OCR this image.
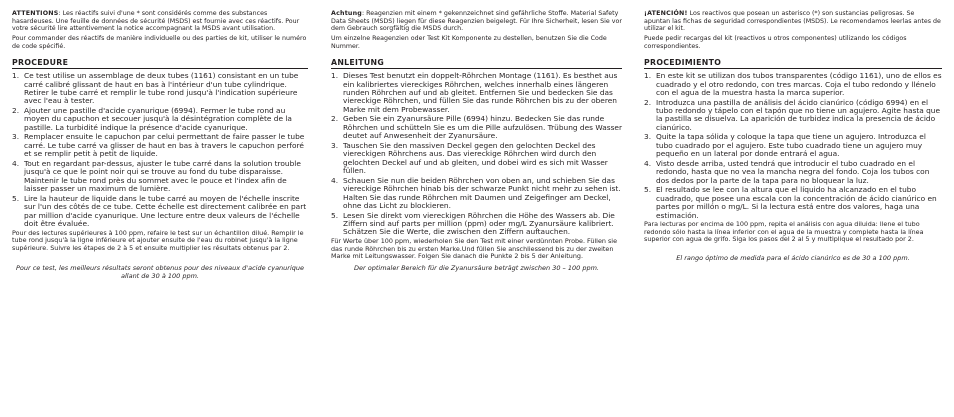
ATTENTIONS: Les réactifs suivi d'une * sont considérés comme des substances hasardeuses. Une feuille de données de sécurité (MSDS) est fournie avec ces réactifs. Pour votre sécurité lire attentivement la notice accompagnant la MSDS avant utilisation.

Pour commander des réactifs de manière individuelle ou des parties de kit, utiliser le numéro de code spécifié.

PROCEDURE
1. Ce test utilise un assemblage de deux tubes (1161) consistant en un tube carré calibré glissant de haut en bas à l'intérieur d'un tube cylindrique. Retirer le tube carré et remplir le tube rond jusqu'à l'indication supérieure avec l'eau à tester.
2. Ajouter une pastille d'acide cyanurique (6994). Fermer le tube rond au moyen du capuchon et secouer jusqu'à la désintégration complète de la pastille. La turbidité indique la présence d'acide cyanurique.
3. Remplacer ensuite le capuchon par celui permettant de faire passer le tube carré. Le tube carré va glisser de haut en bas à travers le capuchon perforé et se remplir petit à petit de liquide.
4. Tout en regardant par-dessus, ajuster le tube carré dans la solution trouble jusqu'à ce que le point noir qui se trouve au fond du tube disparaisse. Maintenir le tube rond près du sommet avec le pouce et l'index afin de laisser passer un maximum de lumière.
5. Lire la hauteur de liquide dans le tube carré au moyen de l'échelle inscrite sur l'un des côtés de ce tube. Cette échelle est directement calibrée en part par million d'acide cyanurique. Une lecture entre deux valeurs de l'échelle doit être évaluée.

Pour des lectures supérieures à 100 ppm, refaire le test sur un échantillon dilué. Remplir le tube rond jusqu'à la ligne inférieure et ajouter ensuite de l'eau du robinet jusqu'à la ligne supérieure. Suivre les étapes de 2 à 5 et ensuite multiplier les résultats obtenus par 2.

Pour ce test, les meilleurs résultats seront obtenus pour des niveaux d'acide cyanurique allant de 30 à 100 ppm.

Achtung: Reagenzien mit einem * gekennzeichnet sind gefährliche Stoffe. Material Safety Data Sheets (MSDS) liegen für diese Reagenzien beigelegt. Für Ihre Sicherheit, lesen Sie vor dem Gebrauch sorgfältig die MSDS durch.

Um einzelne Reagenzien oder Test Kit Komponente zu destellen, benutzen Sie die Code Nummer.

ANLEITUNG
1. Dieses Test benutzt ein doppelt-Röhrchen Montage (1161). Es besthet aus ein kalibriertes viereckiges Röhrchen, welches innerhalb eines längeren runden Röhrchen auf und ab gleitet. Entfernen Sie und bedecken Sie das viereckige Röhrchen, und füllen Sie das runde Röhrchen bis zu der oberen Marke mit dem Probewasser.
2. Geben Sie ein Zyanursäure Pille (6994) hinzu. Bedecken Sie das runde Röhrchen und schütteln Sie es um die Pille aufzulösen. Trübung des Wasser deutet auf Anwesenheit der Zyanursäure.
3. Tauschen Sie den massiven Deckel gegen den gelochten Deckel des viereckigen Röhrchens aus. Das viereckige Röhrchen wird durch den gelochten Deckel auf und ab gleiten, und dobei wird es sich mit Wasser füllen.
4. Schauen Sie nun die beiden Röhrchen von oben an, und schieben Sie das viereckige Röhrchen hinab bis der schwarze Punkt nicht mehr zu sehen ist. Halten Sie das runde Röhrchen mit Daumen und Zeigefinger am Deckel, ohne das Licht zu blockieren.
5. Lesen Sie direkt vom viereckigen Röhrchen die Höhe des Wassers ab. Die Ziffern sind auf parts per million (ppm) oder mg/L Zyanursäure kalibriert. Schätzen Sie die Werte, die zwischen den Ziffern auftauchen.

Für Werte über 100 ppm, wiederholen Sie den Test mit einer verdünnten Probe. Füllen sie das runde Röhrchen bis zu ersten Marke.Und füllen Sie anschliessend bis zu der zweiten Marke mit Leitungswasser. Folgen Sie danach die Punkte 2 bis 5 der Anleitung.

Der optimaler Bereich für die Zyanursäure beträgt zwischen 30 – 100 ppm.

¡ATENCIÓN! Los reactivos que posean un asterisco (*) son sustancias peligrosas. Se apuntan las fichas de seguridad correspondientes (MSDS). Le recomendamos leerlas antes de utilizar el kit.

Puede pedir recargas del kit (reactivos u otros componentes) utilizando los códigos correspondientes.

PROCEDIMIENTO
1. En este kit se utilizan dos tubos transparentes (código 1161), uno de ellos es cuadrado y el otro redondo, con tres marcas. Coja el tubo redondo y llénelo con el agua de la muestra hasta la marca superior.
2. Introduzca una pastilla de análisis del ácido cianúrico (código 6994) en el tubo redondo y tápelo con el tapón que no tiene un agujero. Agite hasta que la pastilla se disuelva. La aparición de turbidez indica la presencia de ácido cianúrico.
3. Quite la tapa sólida y coloque la tapa que tiene un agujero. Introduzca el tubo cuadrado por el agujero. Este tubo cuadrado tiene un agujero muy pequeño en un lateral por donde entrará el agua.
4. Visto desde arriba, usted tendrá que introducir el tubo cuadrado en el redondo, hasta que no vea la mancha negra del fondo. Coja los tubos con dos dedos por la parte de la tapa para no bloquear la luz.
5. El resultado se lee con la altura que el líquido ha alcanzado en el tubo cuadrado, que posee una escala con la concentración de ácido cianúrico en partes por millón o mg/L. Si la lectura está entre dos valores, haga una estimación.

Para lecturas por encima de 100 ppm, repita el análisis con agua diluida: llene el tubo redondo sólo hasta la línea inferior con el agua de la muestra y complete hasta la línea superior con agua de grifo. Siga los pasos del 2 al 5 y multiplique el resultado por 2.

El rango óptimo de medida para el ácido cianúrico es de 30 a 100 ppm.
